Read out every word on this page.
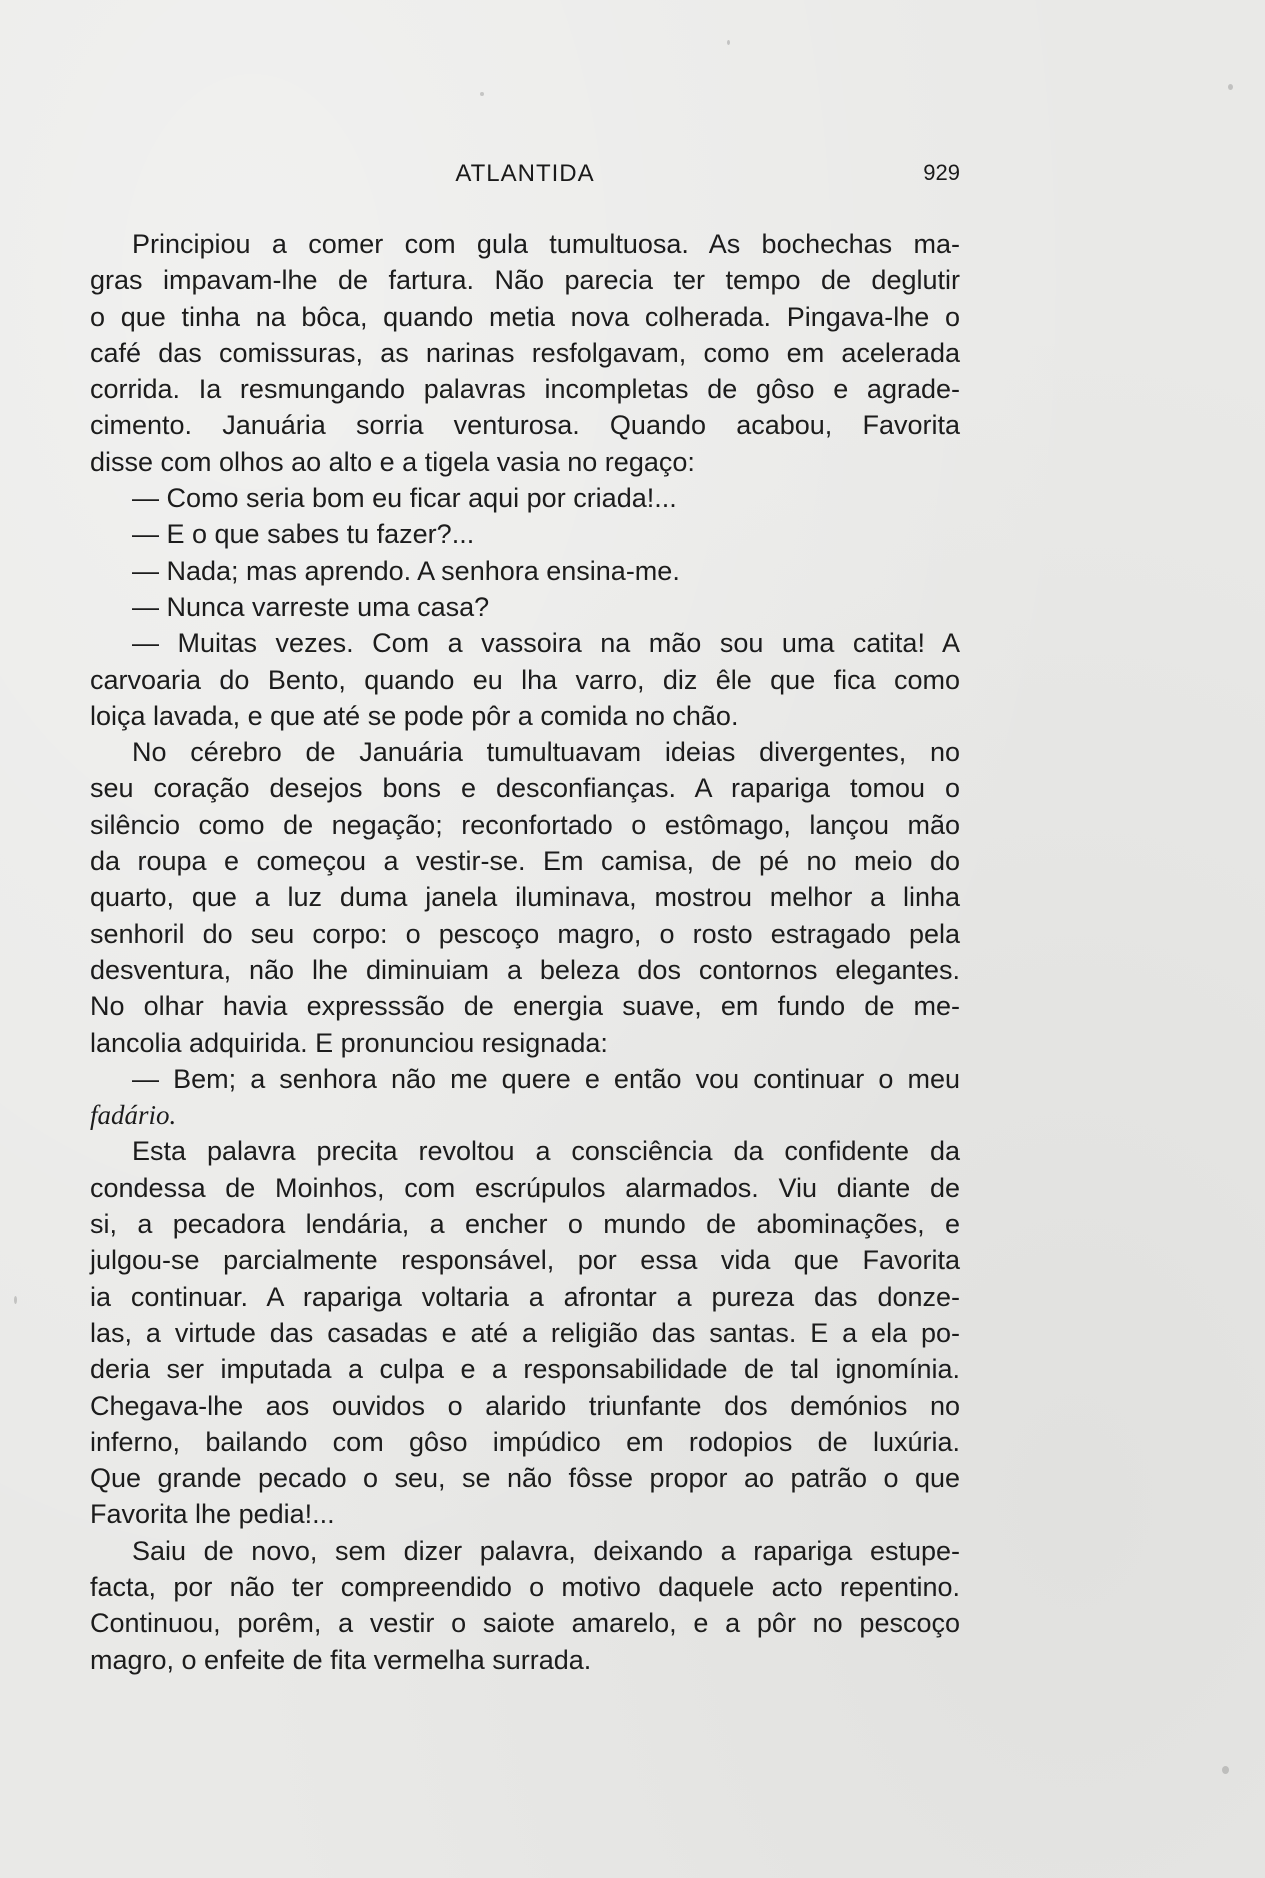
ATLANTIDA	929
Principiou a comer com gula tumultuosa. As bochechas ma-
gras impavam-lhe de fartura. Não parecia ter tempo de deglutir
o que tinha na bôca, quando metia nova colherada. Pingava-lhe o
café das comissuras, as narinas resfolgavam, como em acelerada
corrida. Ia resmungando palavras incompletas de gôso e agrade-
cimento. Januária sorria venturosa. Quando acabou, Favorita
disse com olhos ao alto e a tigela vasia no regaço:
— Como seria bom eu ficar aqui por criada!...
— E o que sabes tu fazer?...
— Nada; mas aprendo. A senhora ensina-me.
— Nunca varreste uma casa?
— Muitas vezes. Com a vassoira na mão sou uma catita! A
carvoaria do Bento, quando eu lha varro, diz êle que fica como
loiça lavada, e que até se pode pôr a comida no chão.
No cérebro de Januária tumultuavam ideias divergentes, no
seu coração desejos bons e desconfianças. A rapariga tomou o
silêncio como de negação; reconfortado o estômago, lançou mão
da roupa e começou a vestir-se. Em camisa, de pé no meio do
quarto, que a luz duma janela iluminava, mostrou melhor a linha
senhoril do seu corpo: o pescoço magro, o rosto estragado pela
desventura, não lhe diminuiam a beleza dos contornos elegantes.
No olhar havia expresssão de energia suave, em fundo de me-
lancolia adquirida. E pronunciou resignada:
— Bem; a senhora não me quere e então vou continuar o meu
fadário.
Esta palavra precita revoltou a consciência da confidente da
condessa de Moinhos, com escrúpulos alarmados. Viu diante de
si, a pecadora lendária, a encher o mundo de abominações, e
julgou-se parcialmente responsável, por essa vida que Favorita
ia continuar. A rapariga voltaria a afrontar a pureza das donze-
las, a virtude das casadas e até a religião das santas. E a ela po-
deria ser imputada a culpa e a responsabilidade de tal ignomínia.
Chegava-lhe aos ouvidos o alarido triunfante dos demónios no
inferno, bailando com gôso impúdico em rodopios de luxúria.
Que grande pecado o seu, se não fôsse propor ao patrão o que
Favorita lhe pedia!...
Saiu de novo, sem dizer palavra, deixando a rapariga estupe-
facta, por não ter compreendido o motivo daquele acto repentino.
Continuou, porêm, a vestir o saiote amarelo, e a pôr no pescoço
magro, o enfeite de fita vermelha surrada.
